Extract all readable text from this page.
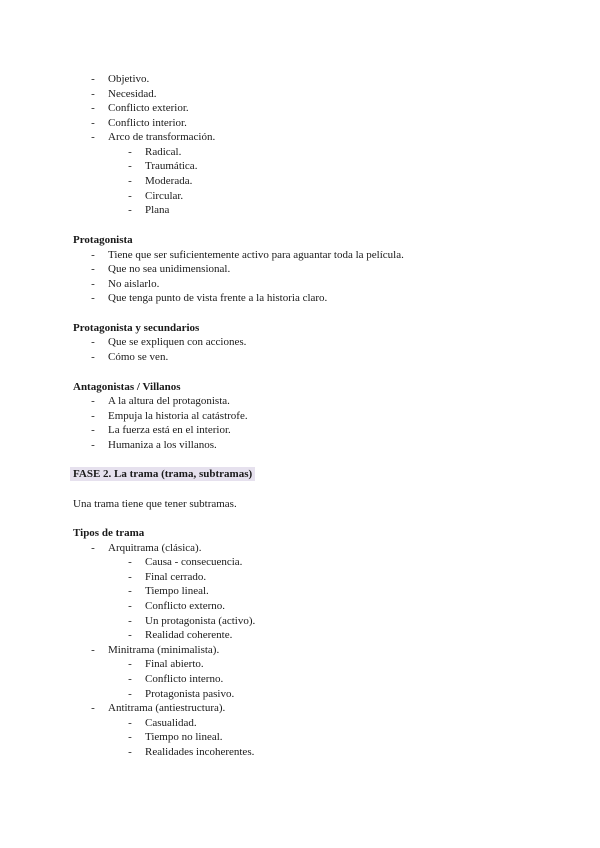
- Objetivo.
- Necesidad.
- Conflicto exterior.
- Conflicto interior.
- Arco de transformación.
- Radical.
- Traumática.
- Moderada.
- Circular.
- Plana
Protagonista
- Tiene que ser suficientemente activo para aguantar toda la película.
- Que no sea unidimensional.
- No aislarlo.
- Que tenga punto de vista frente a la historia claro.
Protagonista y secundarios
- Que se expliquen con acciones.
- Cómo se ven.
Antagonistas / Villanos
- A la altura del protagonista.
- Empuja la historia al catástrofe.
- La fuerza está en el interior.
- Humaniza a los villanos.
FASE 2. La trama (trama, subtramas)
Una trama tiene que tener subtramas.
Tipos de trama
- Arquitrama (clásica).
- Causa - consecuencia.
- Final cerrado.
- Tiempo lineal.
- Conflicto externo.
- Un protagonista (activo).
- Realidad coherente.
- Minitrama (minimalista).
- Final abierto.
- Conflicto interno.
- Protagonista pasivo.
- Antitrama (antiestructura).
- Casualidad.
- Tiempo no lineal.
- Realidades incoherentes.
